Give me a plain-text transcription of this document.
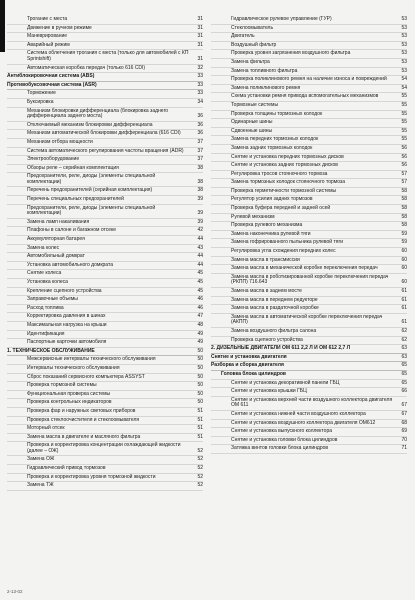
Трогание с места	31
Движение в ручном режиме	31
Маневрирование	31
Аварийный режим	31
Система облегчения трогания с места (только для автомобилей с КП Sprintshift)	31
Автоматическая коробка передач (только 616 CDI)	32
Антиблокировочная система (ABS)	33
Противобуксовочная система (ASR)	33
Торможение	33
Буксировка	34
Механизм блокировки дифференциала (блокировка заднего дифференциала заднего моста)	36
Отключаемый механизм блокировки дифференциала	36
Механизм автоматической блокировки дифференциала (616 CDI)	36
Механизм отбора мощности	37
Система автоматического регулирования частоты вращения (ADR)	37
Электрооборудование	37
Обзоры реле – серийная комплектация	38
Предохранители, реле, диоды (элементы специальной комплектации)	38
Перечень предохранителей (серийная комплектация)	38
Перечень специальных предохранителей	39
Предохранители, реле, диоды (элементы специальной комплектации)	39
Замена ламп накаливания	39
Плафоны в салоне и багажном отсеке	42
Аккумуляторная батарея	44
Замена колес	43
Автомобильный домкрат	44
Установка автомобильного домкрата	44
Снятие колеса	45
Установка колеса	45
Крепление сцепного устройства	45
Заправочные объемы	46
Расход топлива	46
Корректировка давления в шинах	47
Максимальная нагрузка на крыши	48
Идентификация	49
Паспортные карточки автомобиля	49
1. ТЕХНИЧЕСКОЕ ОБСЛУЖИВАНИЕ	50
Межсервисные интервалы технического обслуживания	50
Интервалы технического обслуживания	50
Сброс показаний сервисного компьютера ASSYST	50
Проверка тормозной системы	50
Функциональная проверка системы	50
Проверка контрольных индикаторов	50
Проверка фар и наружных световых приборов	51
Проверка стеклоочистителя и стеклоомывателя	51
Моторный отсек	51
Замена масла в двигателе и масляного фильтра	51
Проверка и корректировка концентрации охлаждающей жидкости (далее – ОЖ)	52
Замена ОЖ	52
Гидравлический привод тормозов	52
Проверка и корректировка уровня тормозной жидкости	52
Замена ТЖ	52
Гидравлическое рулевое управление (ГУР)	53
Стеклоомыватель	53
Двигатель	53
Воздушный фильтр	53
Проверка уровня загрязнения воздушного фильтра	53
Замена фильтра	53
Замена топливного фильтра	53
Проверка поликлинового ремня на наличие износа и повреждений	54
Замена поликлинового ремня	54
Схема установки ремня привода вспомогательных механизмов	55
Тормозные системы	55
Проверка толщины тормозных колодок	55
Одинарные шины	55
Сдвоенные шины	55
Замена передних тормозных колодок	55
Замена задних тормозных колодок	56
Снятие и установка передних тормозных дисков	56
Снятие и установка задних тормозных дисков	56
Регулировка тросов стояночного тормоза	57
Замена тормозных колодок стояночного тормоза	57
Проверка герметичности тормозной системы	58
Регулятор усилия задних тормозов	58
Проверка буфера передней и задней осей	58
Рулевой механизм	58
Проверка рулевого механизма	58
Замена наконечника рулевой тяги	59
Замена гофрированного пыльника рулевой тяги	59
Регулировка угла схождения передних колес	60
Замена масла в трансмиссии	60
Замена масла в механической коробке переключения передач	60
Замена масла в роботизированной коробке переключения передач (РКПП) 716.643	60
Замена масла в заднем мосте	61
Замена масла в переднем редукторе	61
Замена масла в раздаточной коробке	61
Замена масла в автоматической коробке переключения передач (АКПП)	61
Замена воздушного фильтра салона	62
Проверка сцепного устройства	62
2. ДИЗЕЛЬНЫЕ ДВИГАТЕЛИ ОМ 611 2,2 Л И ОМ 612 2,7 Л	63
Снятие и установка двигателя	63
Разборка и сборка двигателя	65
Головка блока цилиндров	65
Снятие и установка декоративной панели ГБЦ	65
Снятие и установка крышки ГБЦ	66
Снятие и установка верхней части воздушного коллектора двигателя ОМ 611	67
Снятие и установка нижней части воздушного коллектора	67
Снятие и установка воздушного коллектора двигателя ОМ612	68
Снятие и установка выпускного коллектора	69
Снятие и установка головки блока цилиндров	70
Затяжка винтов головки блока цилиндров	71
2-13-02
